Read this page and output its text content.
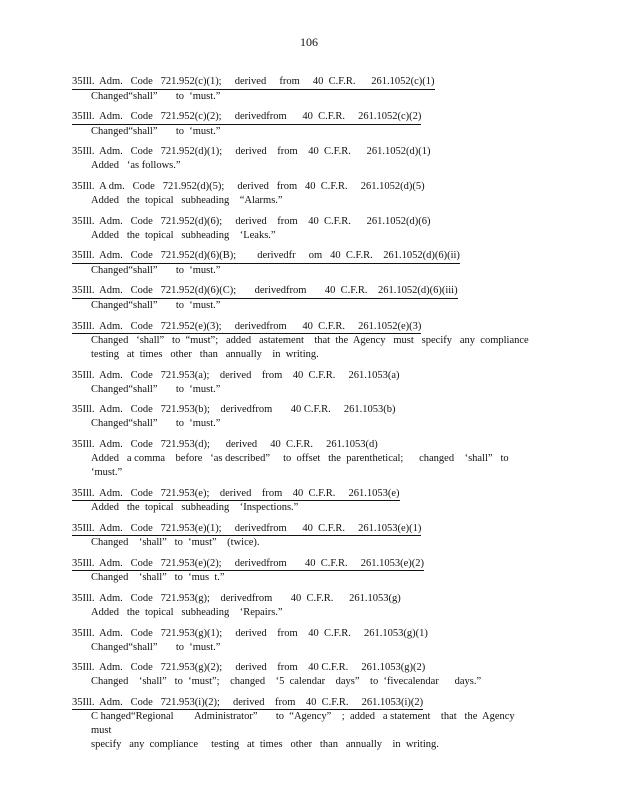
106
35Ill.  Adm.   Code   721.952(c)(1);     derived     from     40  C.F.R.      261.1052(c)(1)
Changed“shall”       to  ‘must.”
35Ill.  Adm.   Code   721.952(c)(2);     derivedfrom      40  C.F.R.     261.1052(c)(2)
Changed“shall”       to  ‘must.”
35Ill.  Adm.   Code   721.952(d)(1);     derived    from    40  C.F.R.      261.1052(d)(1)
Added   ‘as follows.”
35Ill.  A dm.   Code   721.952(d)(5);     derived   from   40  C.F.R.     261.1052(d)(5)
Added   the  topical   subheading    “Alarms.”
35Ill.  Adm.   Code   721.952(d)(6);     derived    from    40  C.F.R.      261.1052(d)(6)
Added   the  topical   subheading    ‘Leaks.”
35Ill.  Adm.   Code   721.952(d)(6)(B);        derivedfr     om   40  C.F.R.    261.1052(d)(6)(ii)
Changed“shall”       to  ‘must.”
35Ill.  Adm.   Code   721.952(d)(6)(C);       derivedfrom       40  C.F.R.    261.1052(d)(6)(iii)
Changed“shall”       to  ‘must.”
35Ill.  Adm.   Code   721.952(e)(3);     derivedfrom      40  C.F.R.     261.1052(e)(3)
Changed   ‘shall”   to  “must”;   added   astatement    that  the  Agency   must   specify   any  compliance
testing   at  times   other   than   annually    in  writing.
35Ill.  Adm.   Code   721.953(a);    derived    from    40  C.F.R.     261.1053(a)
Changed“shall”       to  ‘must.”
35Ill.  Adm.   Code   721.953(b);    derivedfrom       40 C.F.R.     261.1053(b)
Changed“shall”       to  ‘must.”
35Ill.  Adm.   Code   721.953(d);      derived     40  C.F.R.     261.1053(d)
Added   a comma    before   ‘as described”     to  offset   the  parenthetical;      changed    ‘shall”   to  ‘must.”
35Ill.  Adm.   Code   721.953(e);    derived    from    40  C.F.R.     261.1053(e)
Added   the  topical   subheading    ‘Inspections.”
35Ill.  Adm.   Code   721.953(e)(1);     derivedfrom      40  C.F.R.     261.1053(e)(1)
Changed    ‘shall”   to  ‘must”    (twice).
35Ill.  Adm.   Code   721.953(e)(2);     derivedfrom       40  C.F.R.     261.1053(e)(2)
Changed    ‘shall”   to  ‘mus  t.”
35Ill.  Adm.   Code   721.953(g);    derivedfrom       40  C.F.R.      261.1053(g)
Added   the  topical   subheading    ‘Repairs.”
35Ill.  Adm.   Code   721.953(g)(1);     derived    from    40  C.F.R.     261.1053(g)(1)
Changed“shall”       to  ‘must.”
35Ill.  Adm.   Code   721.953(g)(2);     derived    from    40 C.F.R.     261.1053(g)(2)
Changed    ‘shall”   to  ‘must”;    changed    ‘5  calendar    days”    to  ‘fivecalendar      days.”
35Ill.  Adm.   Code   721.953(i)(2);     derived    from    40  C.F.R.     261.1053(i)(2)
C hanged“Regional        Administrator”       to  “Agency”    ;  added   a statement    that   the  Agency   must
specify   any  compliance     testing   at  times   other   than   annually    in  writing.
